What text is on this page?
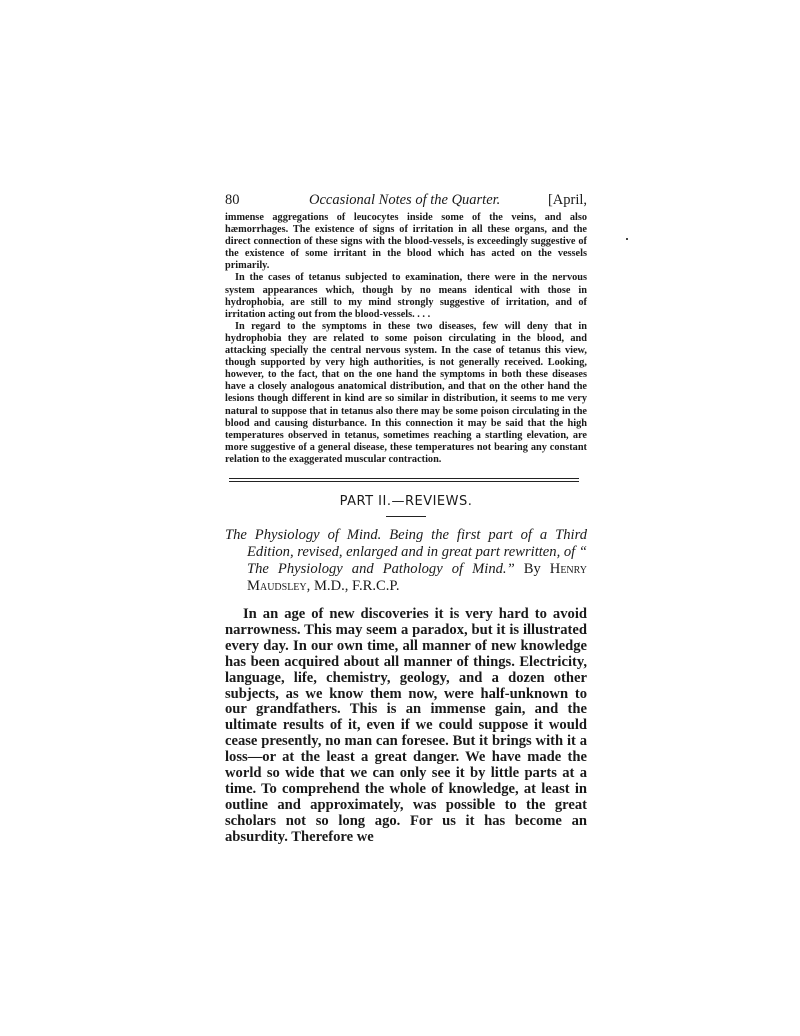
80	Occasional Notes of the Quarter.	[April,

immense aggregations of leucocytes inside some of the veins, and also hæmorrhages. The existence of signs of irritation in all these organs, and the direct connection of these signs with the blood-vessels, is exceedingly suggestive of the existence of some irritant in the blood which has acted on the vessels primarily.

In the cases of tetanus subjected to examination, there were in the nervous system appearances which, though by no means identical with those in hydrophobia, are still to my mind strongly suggestive of irritation, and of irritation acting out from the blood-vessels. . . .

In regard to the symptoms in these two diseases, few will deny that in hydrophobia they are related to some poison circulating in the blood, and attacking specially the central nervous system. In the case of tetanus this view, though supported by very high authorities, is not generally received. Looking, however, to the fact, that on the one hand the symptoms in both these diseases have a closely analogous anatomical distribution, and that on the other hand the lesions though different in kind are so similar in distribution, it seems to me very natural to suppose that in tetanus also there may be some poison circulating in the blood and causing disturbance. In this connection it may be said that the high temperatures observed in tetanus, sometimes reaching a startling elevation, are more suggestive of a general disease, these temperatures not bearing any constant relation to the exaggerated muscular contraction.

PART II.—REVIEWS.

The Physiology of Mind. Being the first part of a Third Edition, revised, enlarged and in great part rewritten, of “ The Physiology and Pathology of Mind.” By Henry Maudsley, M.D., F.R.C.P.

In an age of new discoveries it is very hard to avoid narrowness. This may seem a paradox, but it is illustrated every day. In our own time, all manner of new knowledge has been acquired about all manner of things. Electricity, language, life, chemistry, geology, and a dozen other subjects, as we know them now, were half-unknown to our grandfathers. This is an immense gain, and the ultimate results of it, even if we could suppose it would cease presently, no man can foresee. But it brings with it a loss—or at the least a great danger. We have made the world so wide that we can only see it by little parts at a time. To comprehend the whole of knowledge, at least in outline and approximately, was possible to the great scholars not so long ago. For us it has become an absurdity. Therefore we
